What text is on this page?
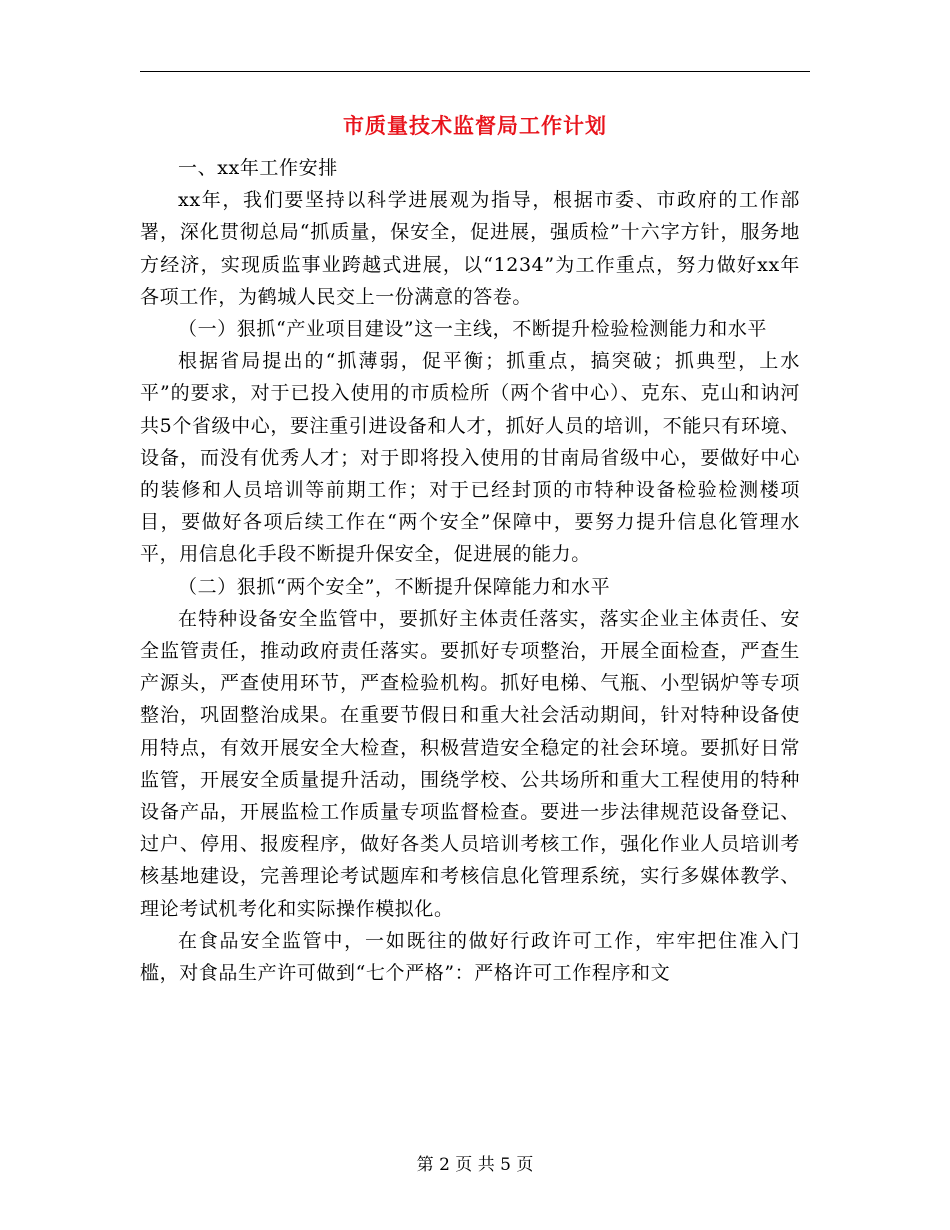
市质量技术监督局工作计划

一、xx年工作安排

xx年，我们要坚持以科学进展观为指导，根据市委、市政府的工作部署，深化贯彻总局“抓质量，保安全，促进展，强质检”十六字方针，服务地方经济，实现质监事业跨越式进展，以“1234”为工作重点，努力做好xx年各项工作，为鹤城人民交上一份满意的答卷。

（一）狠抓“产业项目建设”这一主线，不断提升检验检测能力和水平

根据省局提出的“抓薄弱，促平衡；抓重点，搞突破；抓典型，上水平”的要求，对于已投入使用的市质检所（两个省中心）、克东、克山和讷河共5个省级中心，要注重引进设备和人才，抓好人员的培训，不能只有环境、设备，而没有优秀人才；对于即将投入使用的甘南局省级中心，要做好中心的装修和人员培训等前期工作；对于已经封顶的市特种设备检验检测楼项目，要做好各项后续工作在“两个安全”保障中，要努力提升信息化管理水平，用信息化手段不断提升保安全，促进展的能力。

（二）狠抓“两个安全”，不断提升保障能力和水平

在特种设备安全监管中，要抓好主体责任落实，落实企业主体责任、安全监管责任，推动政府责任落实。要抓好专项整治，开展全面检查，严查生产源头，严查使用环节，严查检验机构。抓好电梯、气瓶、小型锅炉等专项整治，巩固整治成果。在重要节假日和重大社会活动期间，针对特种设备使用特点，有效开展安全大检查，积极营造安全稳定的社会环境。要抓好日常监管，开展安全质量提升活动，围绕学校、公共场所和重大工程使用的特种设备产品，开展监检工作质量专项监督检查。要进一步法律规范设备登记、过户、停用、报废程序，做好各类人员培训考核工作，强化作业人员培训考核基地建设，完善理论考试题库和考核信息化管理系统，实行多媒体教学、理论考试机考化和实际操作模拟化。

在食品安全监管中，一如既往的做好行政许可工作，牢牢把住准入门槛，对食品生产许可做到“七个严格”：严格许可工作程序和文

第 2 页 共 5 页
